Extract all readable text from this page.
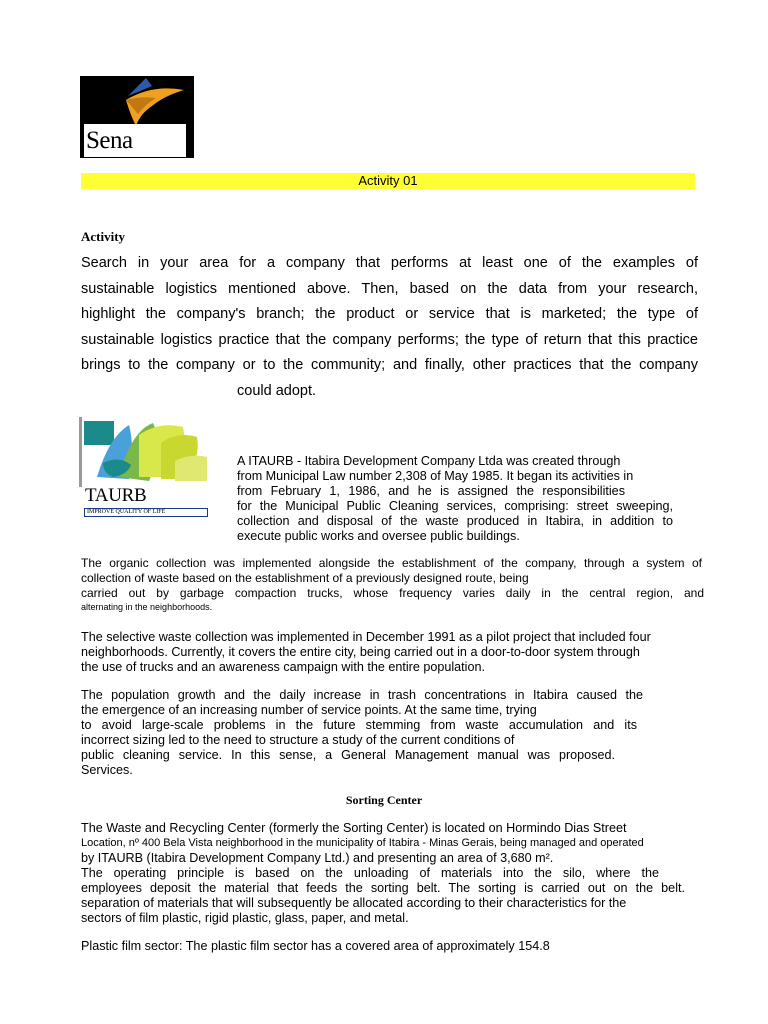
Sena
Activity 01
Activity
Search in your area for a company that performs at least one of the examples of
sustainable logistics mentioned above. Then, based on the data from your research,
highlight the company's branch; the product or service that is marketed; the type of
sustainable logistics practice that the company performs; the type of return that this practice
brings to the company or to the community; and finally, other practices that the company
could adopt.
TAURB
IMPROVE QUALITY OF LIFE
A ITAURB - Itabira Development Company Ltda was created through
from Municipal Law number 2,308 of May 1985. It began its activities in
from February 1, 1986, and he is assigned the responsibilities
for the Municipal Public Cleaning services, comprising: street sweeping,
collection and disposal of the waste produced in Itabira, in addition to
execute public works and oversee public buildings.
The organic collection was implemented alongside the establishment of the company, through a system of
collection of waste based on the establishment of a previously designed route, being
carried out by garbage compaction trucks, whose frequency varies daily in the central region, and
alternating in the neighborhoods.
The selective waste collection was implemented in December 1991 as a pilot project that included four
neighborhoods. Currently, it covers the entire city, being carried out in a door-to-door system through
the use of trucks and an awareness campaign with the entire population.
The population growth and the daily increase in trash concentrations in Itabira caused the
the emergence of an increasing number of service points. At the same time, trying
to avoid large-scale problems in the future stemming from waste accumulation and its
incorrect sizing led to the need to structure a study of the current conditions of
public cleaning service. In this sense, a General Management manual was proposed.
Services.
Sorting Center
The Waste and Recycling Center (formerly the Sorting Center) is located on Hormindo Dias Street
Location, nº 400 Bela Vista neighborhood in the municipality of Itabira - Minas Gerais, being managed and operated
by ITAURB (Itabira Development Company Ltd.) and presenting an area of 3,680 m².
The operating principle is based on the unloading of materials into the silo, where the
employees deposit the material that feeds the sorting belt. The sorting is carried out on the belt.
separation of materials that will subsequently be allocated according to their characteristics for the
sectors of film plastic, rigid plastic, glass, paper, and metal.
Plastic film sector: The plastic film sector has a covered area of approximately 154.8
